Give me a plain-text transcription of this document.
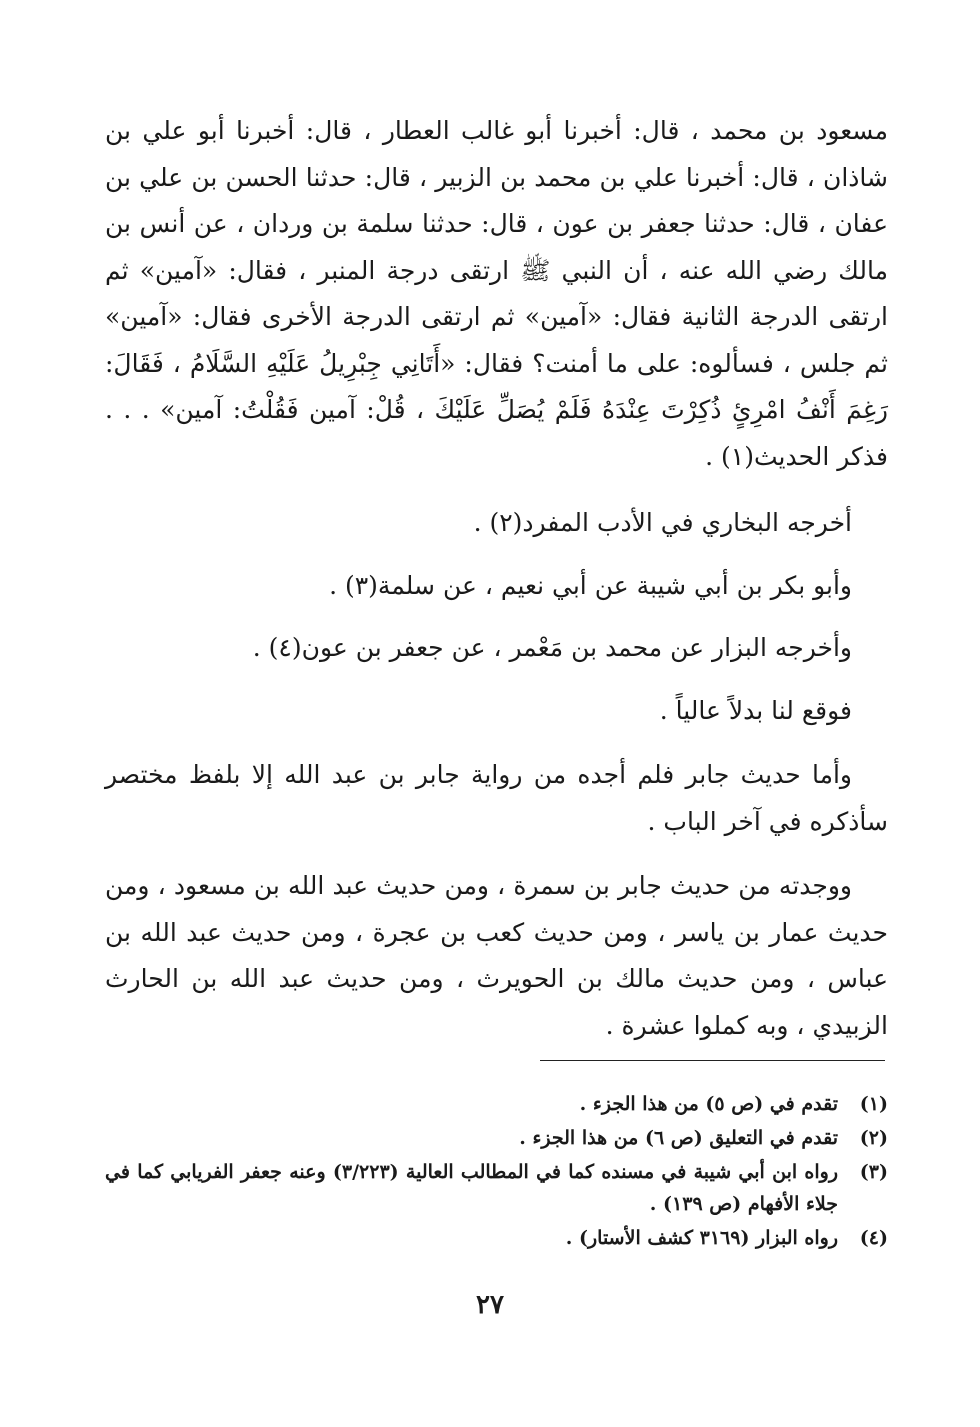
مسعود بن محمد ، قال: أخبرنا أبو غالب العطار ، قال: أخبرنا أبو علي بن شاذان ، قال: أخبرنا علي بن محمد بن الزبير ، قال: حدثنا الحسن بن علي بن عفان ، قال: حدثنا جعفر بن عون ، قال: حدثنا سلمة بن وردان ، عن أنس بن مالك رضي الله عنه ، أن النبي ﷺ ارتقى درجة المنبر ، فقال: «آمين» ثم ارتقى الدرجة الثانية فقال: «آمين» ثم ارتقى الدرجة الأخرى فقال: «آمين» ثم جلس ، فسألوه: على ما أمنت؟ فقال: «أَتَانِي جِبْرِيلُ عَلَيْهِ السَّلَامُ ، فَقَالَ: رَغِمَ أَنْفُ امْرِئٍ ذُكِرْتَ عِنْدَهُ فَلَمْ يُصَلِّ عَلَيْكَ ، قُلْ: آمين فَقُلْتُ: آمين» . . . فذكر الحديث(١) .

أخرجه البخاري في الأدب المفرد(٢) .

وأبو بكر بن أبي شيبة عن أبي نعيم ، عن سلمة(٣) .

وأخرجه البزار عن محمد بن مَعْمر ، عن جعفر بن عون(٤) .

فوقع لنا بدلاً عالياً .

وأما حديث جابر فلم أجده من رواية جابر بن عبد الله إلا بلفظ مختصر سأذكره في آخر الباب .

ووجدته من حديث جابر بن سمرة ، ومن حديث عبد الله بن مسعود ، ومن حديث عمار بن ياسر ، ومن حديث كعب بن عجرة ، ومن حديث عبد الله بن عباس ، ومن حديث مالك بن الحويرث ، ومن حديث عبد الله بن الحارث الزبيدي ، وبه كملوا عشرة .

(١)
تقدم في (ص ٥) من هذا الجزء .
(٢)
تقدم في التعليق (ص ٦) من هذا الجزء .
(٣)
رواه ابن أبي شيبة في مسنده كما في المطالب العالية (٣/٢٢٣) وعنه جعفر الفريابي كما في جلاء الأفهام (ص ١٣٩) .
(٤)
رواه البزار (٣١٦٩ كشف الأستار) .
٢٧
